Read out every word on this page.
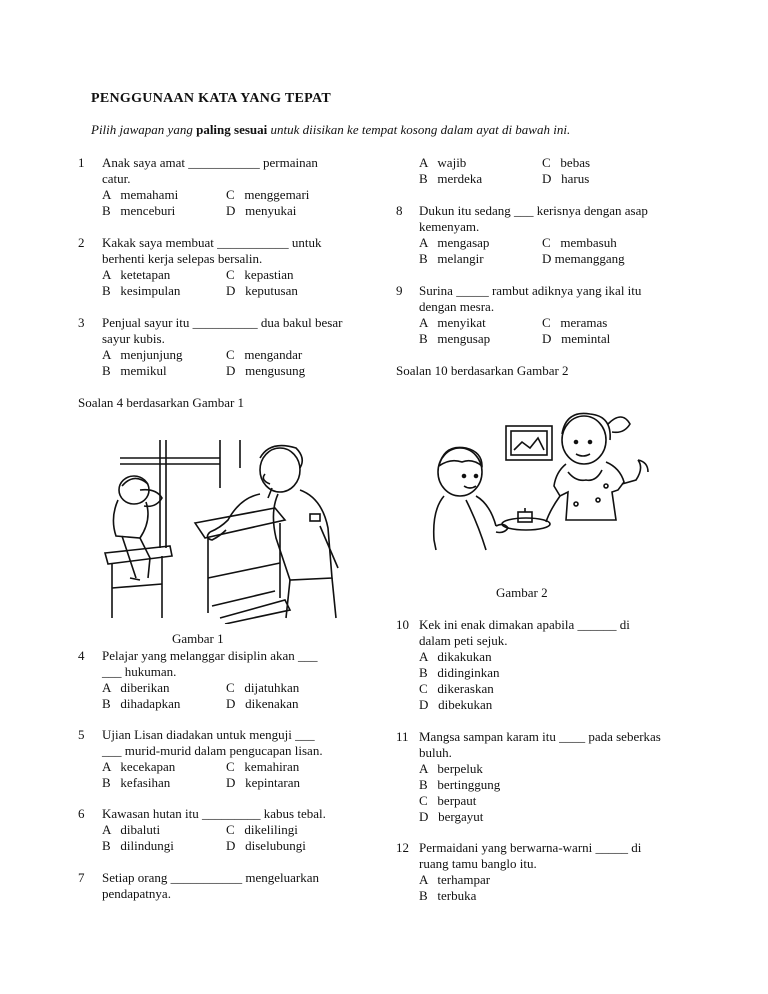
PENGGUNAAN KATA YANG TEPAT
Pilih jawapan yang paling sesuai untuk diisikan ke tempat kosong dalam ayat di bawah ini.
1 Anak saya amat ___________ permainan
catur.
A   memahami	C   menggemari
B   menceburi	D   menyukai
2 Kakak saya membuat ___________ untuk
berhenti kerja selepas bersalin.
A   ketetapan	C   kepastian
B   kesimpulan	D   keputusan
3 Penjual sayur itu __________ dua bakul besar
sayur kubis.
A   menjunjung	C   mengandar
B   memikul	D   mengusung
Soalan 4 berdasarkan Gambar 1
Gambar 1
4 Pelajar yang melanggar disiplin akan ___
___ hukuman.
A   diberikan	C   dijatuhkan
B   dihadapkan	D   dikenakan
5 Ujian Lisan diadakan untuk menguji ___
___ murid-murid dalam pengucapan lisan.
A   kecekapan	C   kemahiran
B   kefasihan	D   kepintaran
6 Kawasan hutan itu _________ kabus tebal.
A   dibaluti	C   dikelilingi
B   dilindungi	D   diselubungi
7 Setiap orang ___________ mengeluarkan
pendapatnya.
A   wajib	C   bebas
B   merdeka	D   harus
8 Dukun itu sedang ___ kerisnya dengan asap
kemenyam.
A   mengasap	C   membasuh
B   melangir	D memanggang
9 Surina _____ rambut adiknya yang ikal itu
dengan mesra.
A   menyikat	C   meramas
B   mengusap	D   memintal
Soalan 10 berdasarkan Gambar 2
Gambar 2
10 Kek ini enak dimakan apabila ______ di
dalam peti sejuk.
A   dikakukan
B   didinginkan
C   dikeraskan
D   dibekukan
11 Mangsa sampan karam itu ____ pada seberkas
buluh.
A   berpeluk
B   bertinggung
C   berpaut
D   bergayut
12 Permaidani yang berwarna-warni _____ di
ruang tamu banglo itu.
A   terhampar
B   terbuka
